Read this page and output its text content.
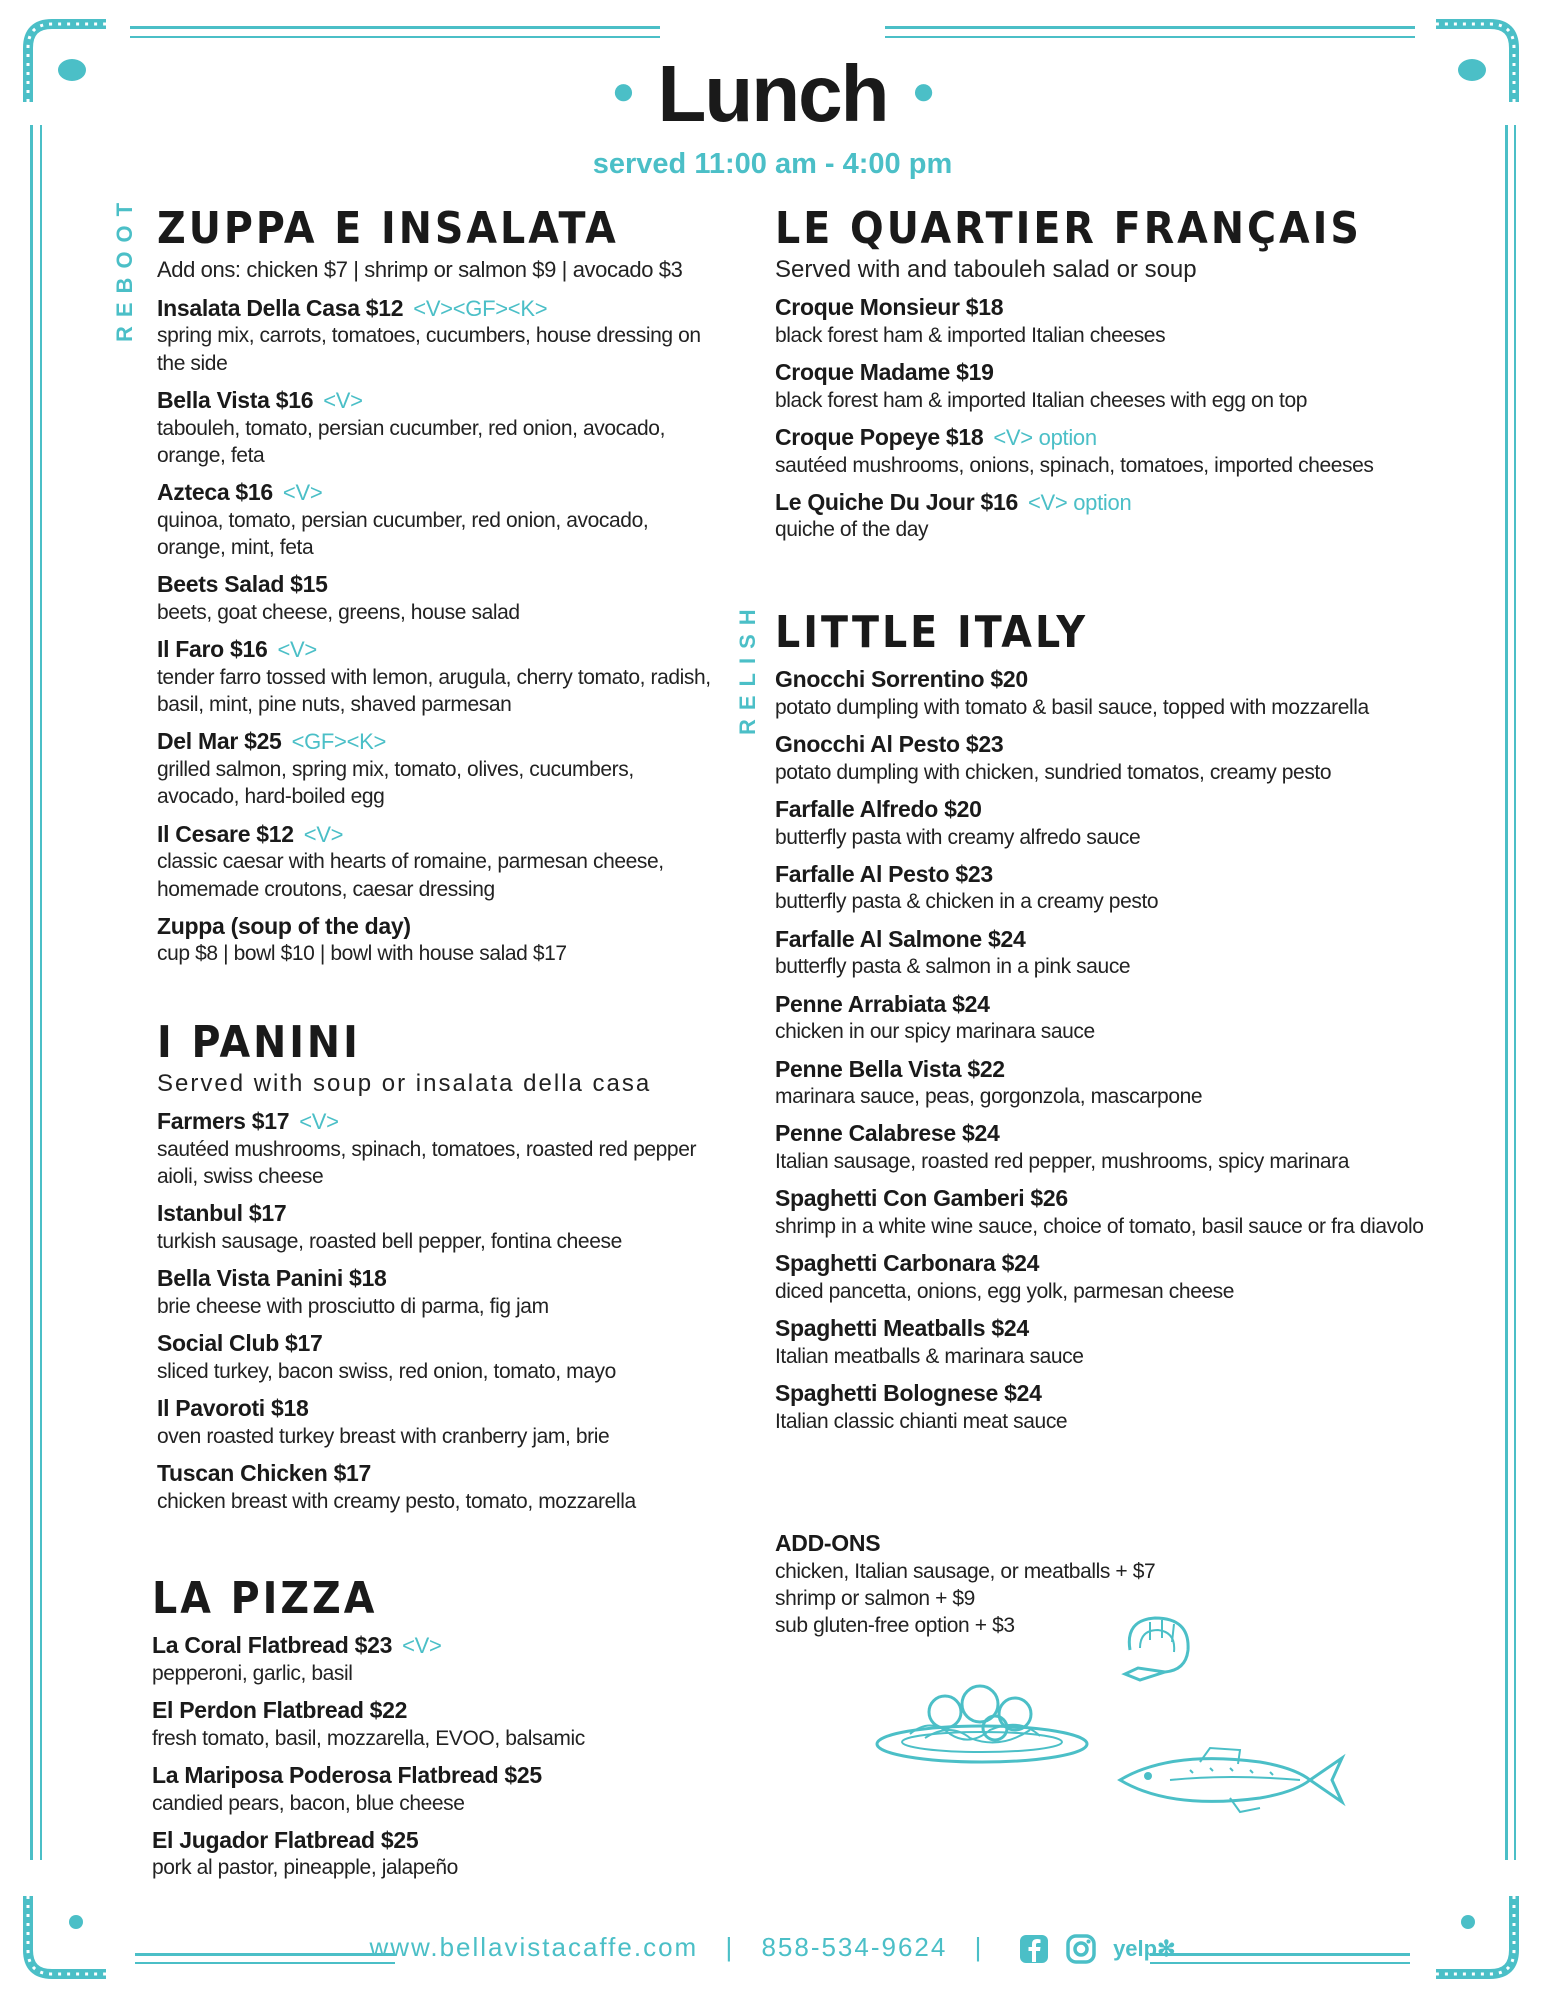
● Lunch ●
served 11:00 am - 4:00 pm
REBOOT
RELISH
ZUPPA E INSALATA
Add ons: chicken $7 | shrimp or salmon $9 | avocado $3
Insalata Della Casa $12 <V><GF><K>
spring mix, carrots, tomatoes, cucumbers, house dressing on the side
Bella Vista $16 <V>
tabouleh, tomato, persian cucumber, red onion, avocado, orange, feta
Azteca $16 <V>
quinoa, tomato, persian cucumber, red onion, avocado, orange, mint, feta
Beets Salad $15
beets, goat cheese, greens, house salad
Il Faro $16 <V>
tender farro tossed with lemon, arugula, cherry tomato, radish, basil, mint, pine nuts, shaved parmesan
Del Mar $25 <GF><K>
grilled salmon, spring mix, tomato, olives, cucumbers, avocado, hard-boiled egg
Il Cesare $12 <V>
classic caesar with hearts of romaine, parmesan cheese, homemade croutons, caesar dressing
Zuppa (soup of the day)
cup $8 | bowl $10 | bowl with house salad $17
I PANINI
Served with soup or insalata della casa
Farmers $17 <V>
sautéed mushrooms, spinach, tomatoes, roasted red pepper aioli, swiss cheese
Istanbul $17
turkish sausage, roasted bell pepper, fontina cheese
Bella Vista Panini $18
brie cheese with prosciutto di parma, fig jam
Social Club $17
sliced turkey, bacon swiss, red onion, tomato, mayo
Il Pavoroti $18
oven roasted turkey breast with cranberry jam, brie
Tuscan Chicken $17
chicken breast with creamy pesto, tomato, mozzarella
LA PIZZA
La Coral Flatbread $23 <V>
pepperoni, garlic, basil
El Perdon Flatbread $22
fresh tomato, basil, mozzarella, EVOO, balsamic
La Mariposa Poderosa Flatbread $25
candied pears, bacon, blue cheese
El Jugador Flatbread $25
pork al pastor, pineapple, jalapeño
LE QUARTIER FRANÇAIS
Served with and tabouleh salad or soup
Croque Monsieur $18
black forest ham & imported Italian cheeses
Croque Madame $19
black forest ham & imported Italian cheeses with egg on top
Croque Popeye $18 <V> option
sautéed mushrooms, onions, spinach, tomatoes, imported cheeses
Le Quiche Du Jour $16 <V> option
quiche of the day
LITTLE ITALY
Gnocchi Sorrentino $20
potato dumpling with tomato & basil sauce, topped with mozzarella
Gnocchi Al Pesto $23
potato dumpling with chicken, sundried tomatos, creamy pesto
Farfalle Alfredo $20
butterfly pasta with creamy alfredo sauce
Farfalle Al Pesto $23
butterfly pasta & chicken in a creamy pesto
Farfalle Al Salmone $24
butterfly pasta & salmon in a pink sauce
Penne Arrabiata $24
chicken in our spicy marinara sauce
Penne Bella Vista $22
marinara sauce, peas, gorgonzola, mascarpone
Penne Calabrese $24
Italian sausage, roasted red pepper, mushrooms, spicy marinara
Spaghetti Con Gamberi $26
shrimp in a white wine sauce, choice of tomato, basil sauce or fra diavolo
Spaghetti Carbonara $24
diced pancetta, onions, egg yolk, parmesan cheese
Spaghetti Meatballs $24
Italian meatballs & marinara sauce
Spaghetti Bolognese $24
Italian classic chianti meat sauce
ADD-ONS
chicken, Italian sausage, or meatballs + $7
shrimp or salmon + $9
sub gluten-free option + $3
www.bellavistacaffe.com | 858-534-9624 |	yelp✻
